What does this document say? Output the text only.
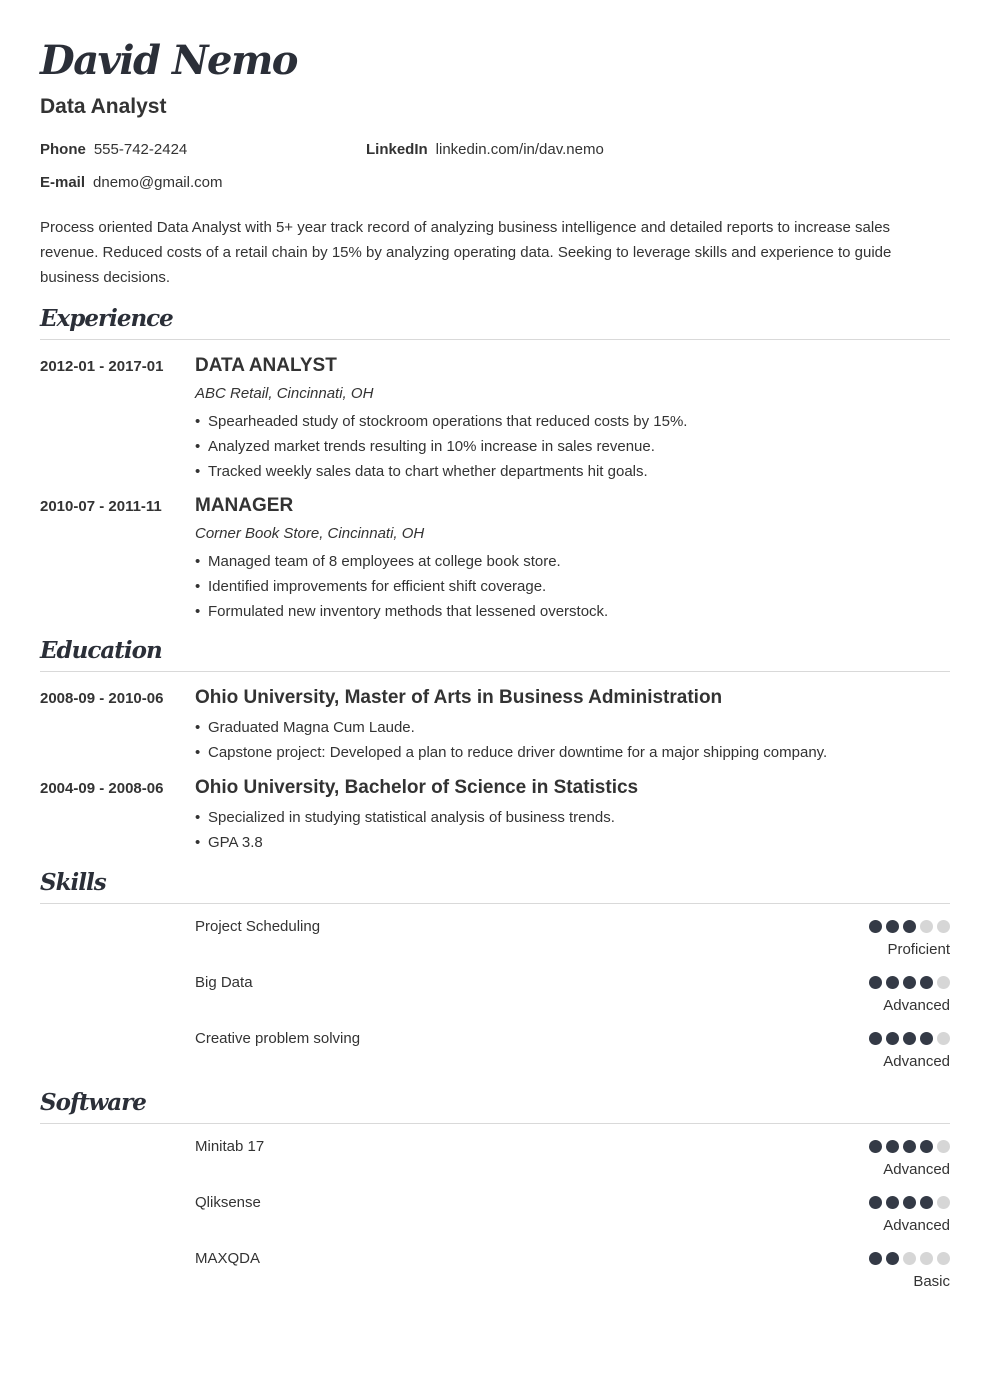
David Nemo
Data Analyst
Phone 555-742-2424	LinkedIn linkedin.com/in/dav.nemo
E-mail dnemo@gmail.com

Process oriented Data Analyst with 5+ year track record of analyzing business intelligence and detailed reports to increase sales revenue. Reduced costs of a retail chain by 15% by analyzing operating data. Seeking to leverage skills and experience to guide business decisions.

Experience
2012-01 - 2017-01 DATA ANALYST
ABC Retail, Cincinnati, OH
• Spearheaded study of stockroom operations that reduced costs by 15%.
• Analyzed market trends resulting in 10% increase in sales revenue.
• Tracked weekly sales data to chart whether departments hit goals.
2010-07 - 2011-11 MANAGER
Corner Book Store, Cincinnati, OH
• Managed team of 8 employees at college book store.
• Identified improvements for efficient shift coverage.
• Formulated new inventory methods that lessened overstock.
Education
2008-09 - 2010-06 Ohio University, Master of Arts in Business Administration
• Graduated Magna Cum Laude.
• Capstone project: Developed a plan to reduce driver downtime for a major shipping company.
2004-09 - 2008-06 Ohio University, Bachelor of Science in Statistics
• Specialized in studying statistical analysis of business trends.
• GPA 3.8
Skills
Project Scheduling
Proficient
Big Data
Advanced
Creative problem solving
Advanced
Software
Minitab 17
Advanced
Qliksense
Advanced
MAXQDA
Basic
